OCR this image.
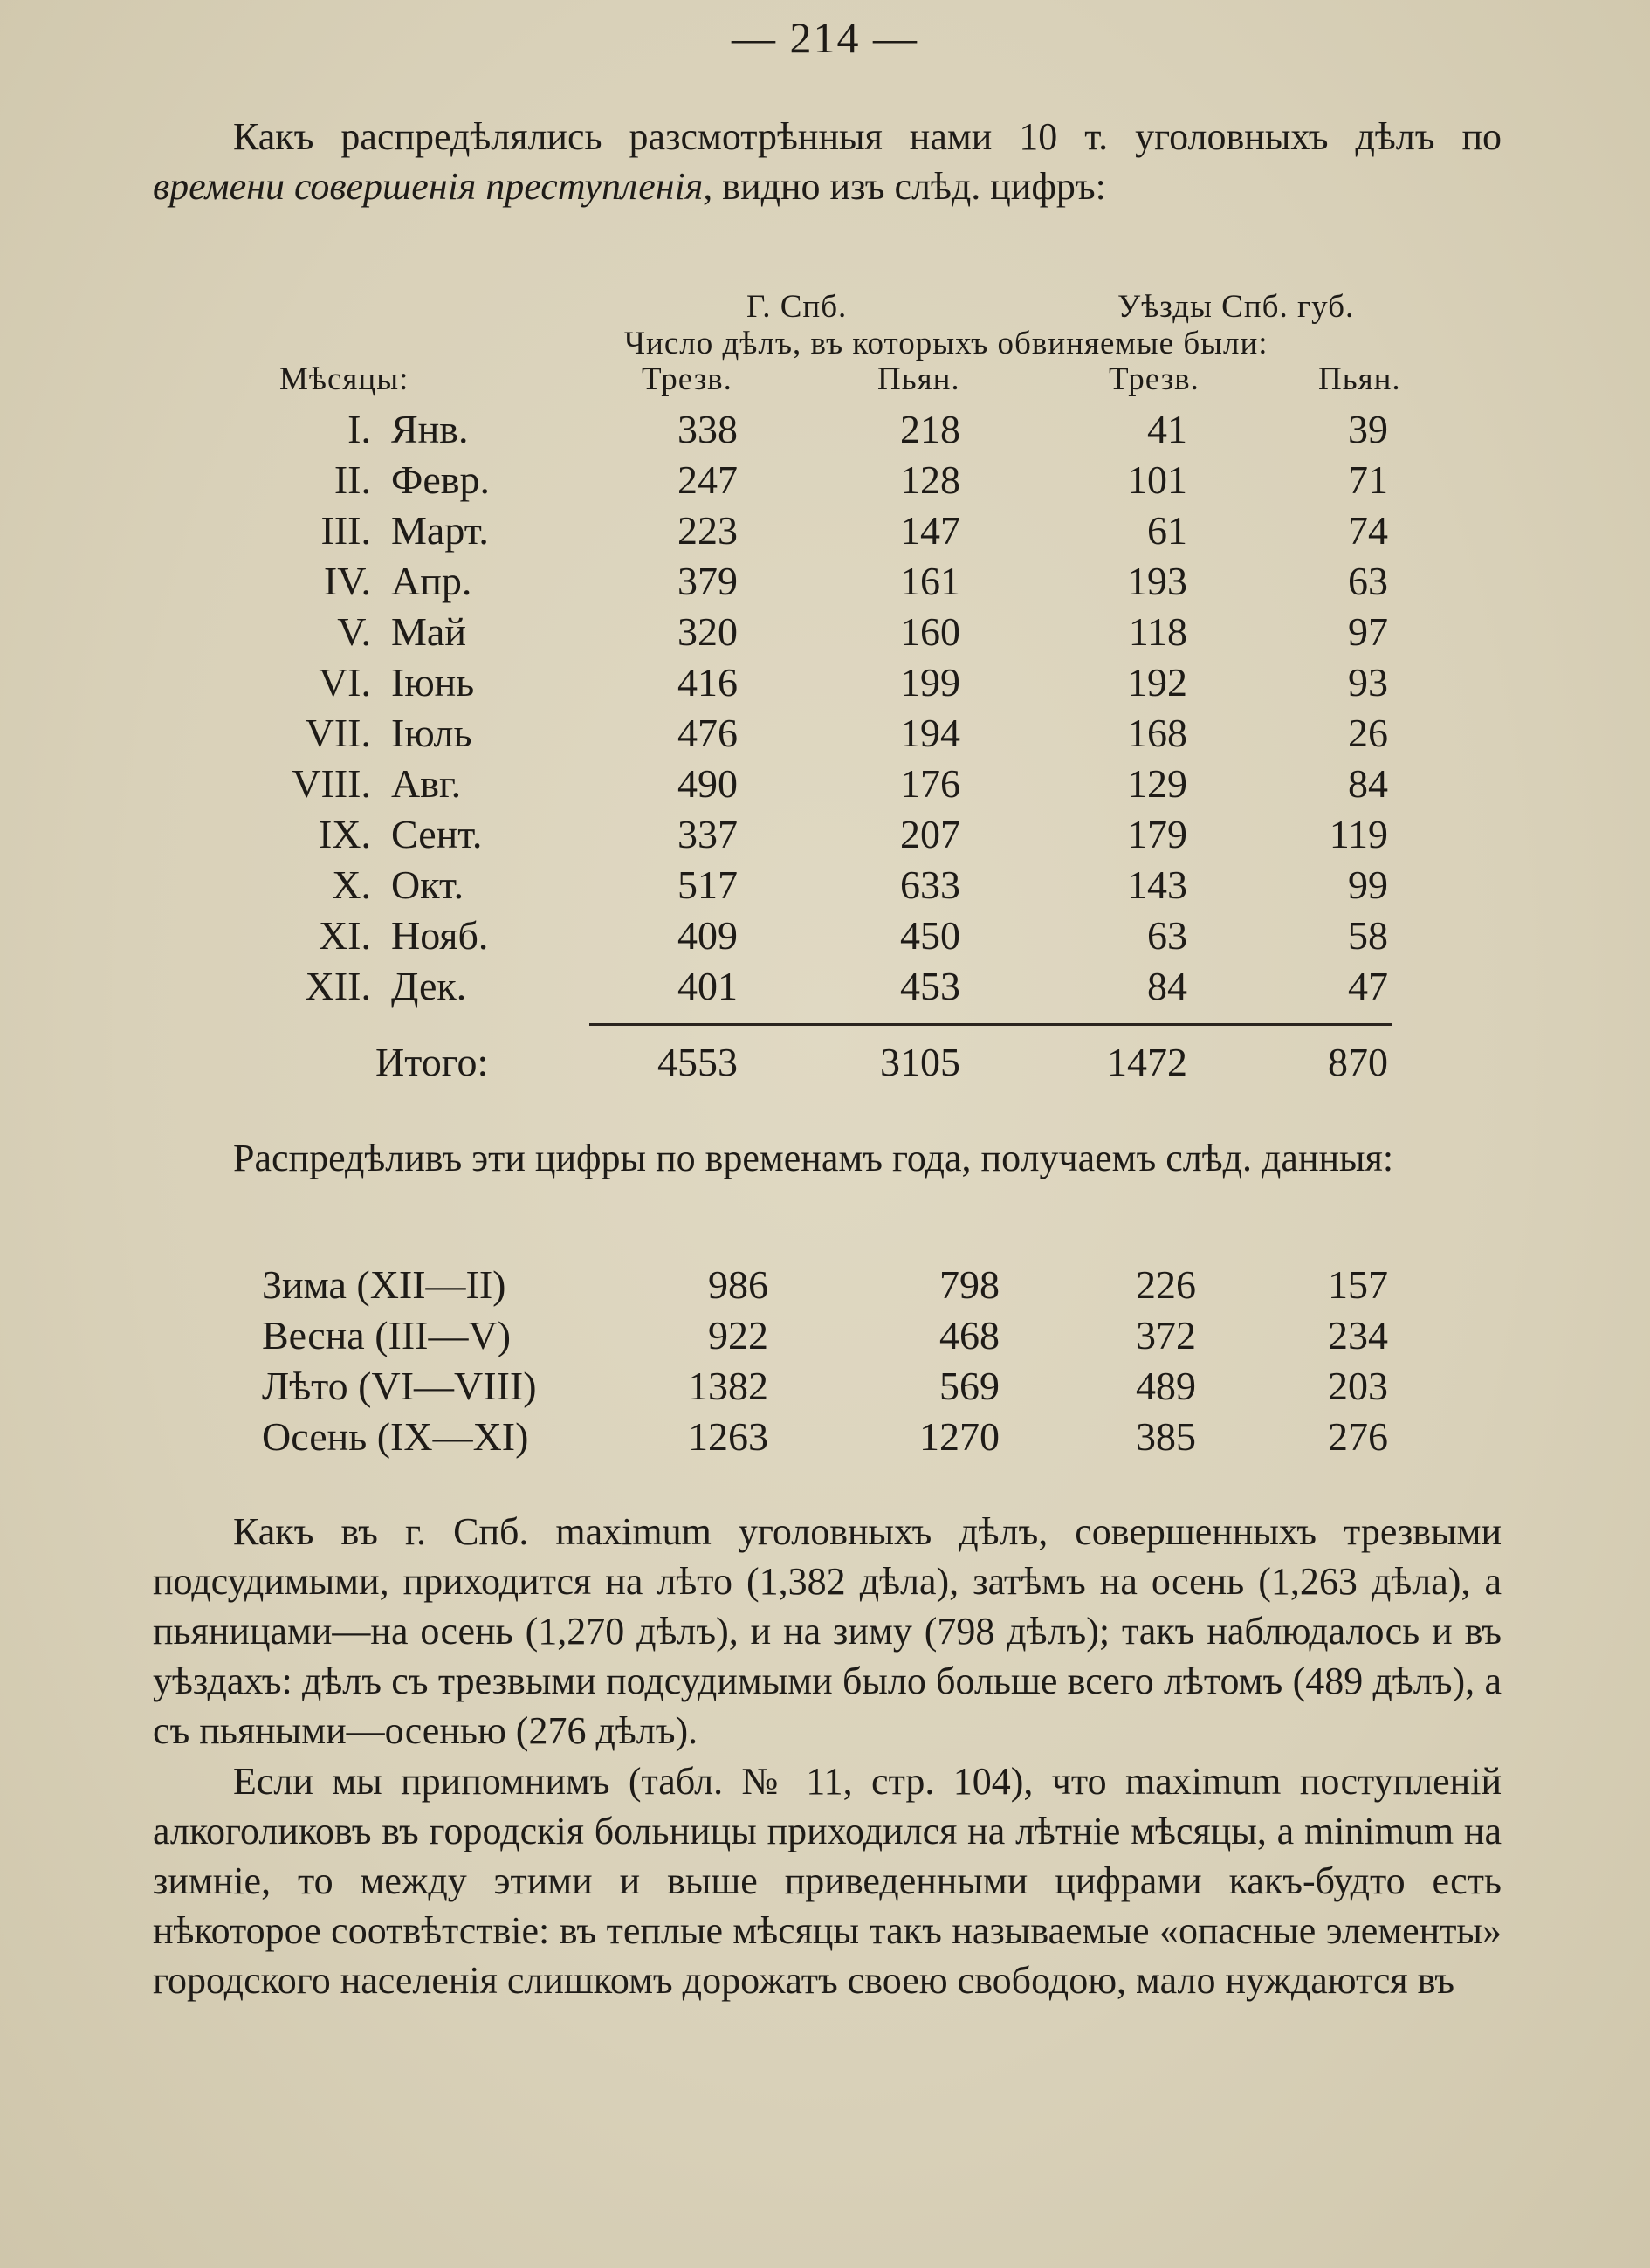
— 214 —
Какъ распредѣлялись разсмотрѣнныя нами 10 т. уголовныхъ дѣлъ по времени совершенія преступленія, видно изъ слѣд. цифръ:
Г. Спб.	Уѣзды Спб. губ.
Число дѣлъ, въ которыхъ обвиняемые были:
Мѣсяцы:	Трезв.	Пьян.	Трезв.	Пьян.
I. Янв.	338	218	41	39
II. Февр.	247	128	101	71
III. Март.	223	147	61	74
IV. Апр.	379	161	193	63
V. Май	320	160	118	97
VI. Іюнь	416	199	192	93
VII. Іюль	476	194	168	26
VIII. Авг.	490	176	129	84
IX. Сент.	337	207	179	119
X. Окт.	517	633	143	99
XI. Нояб.	409	450	63	58
XII. Дек.	401	453	84	47
Итого:	4553	3105	1472	870
Распредѣливъ эти цифры по временамъ года, получаемъ слѣд. данныя:
Зима (XII—II)	986	798	226	157
Весна (III—V)	922	468	372	234
Лѣто (VI—VIII)	1382	569	489	203
Осень (IX—XI)	1263	1270	385	276
Какъ въ г. Спб. maximum уголовныхъ дѣлъ, совершенныхъ трезвыми подсудимыми, приходится на лѣто (1,382 дѣла), затѣмъ на осень (1,263 дѣла), а пьяницами—на осень (1,270 дѣлъ), и на зиму (798 дѣлъ); такъ наблюдалось и въ уѣздахъ: дѣлъ съ трезвыми подсудимыми было больше всего лѣтомъ (489 дѣлъ), а съ пьяными—осенью (276 дѣлъ).
Если мы припомнимъ (табл. № 11, стр. 104), что maximum поступленій алкоголиковъ въ городскія больницы приходился на лѣтніе мѣсяцы, а minimum на зимніе, то между этими и выше приведенными цифрами какъ-будто есть нѣкоторое соотвѣтствіе: въ теплые мѣсяцы такъ называемые «опасные элементы» городского населенія слишкомъ дорожатъ своею свободою, мало нуждаются въ
